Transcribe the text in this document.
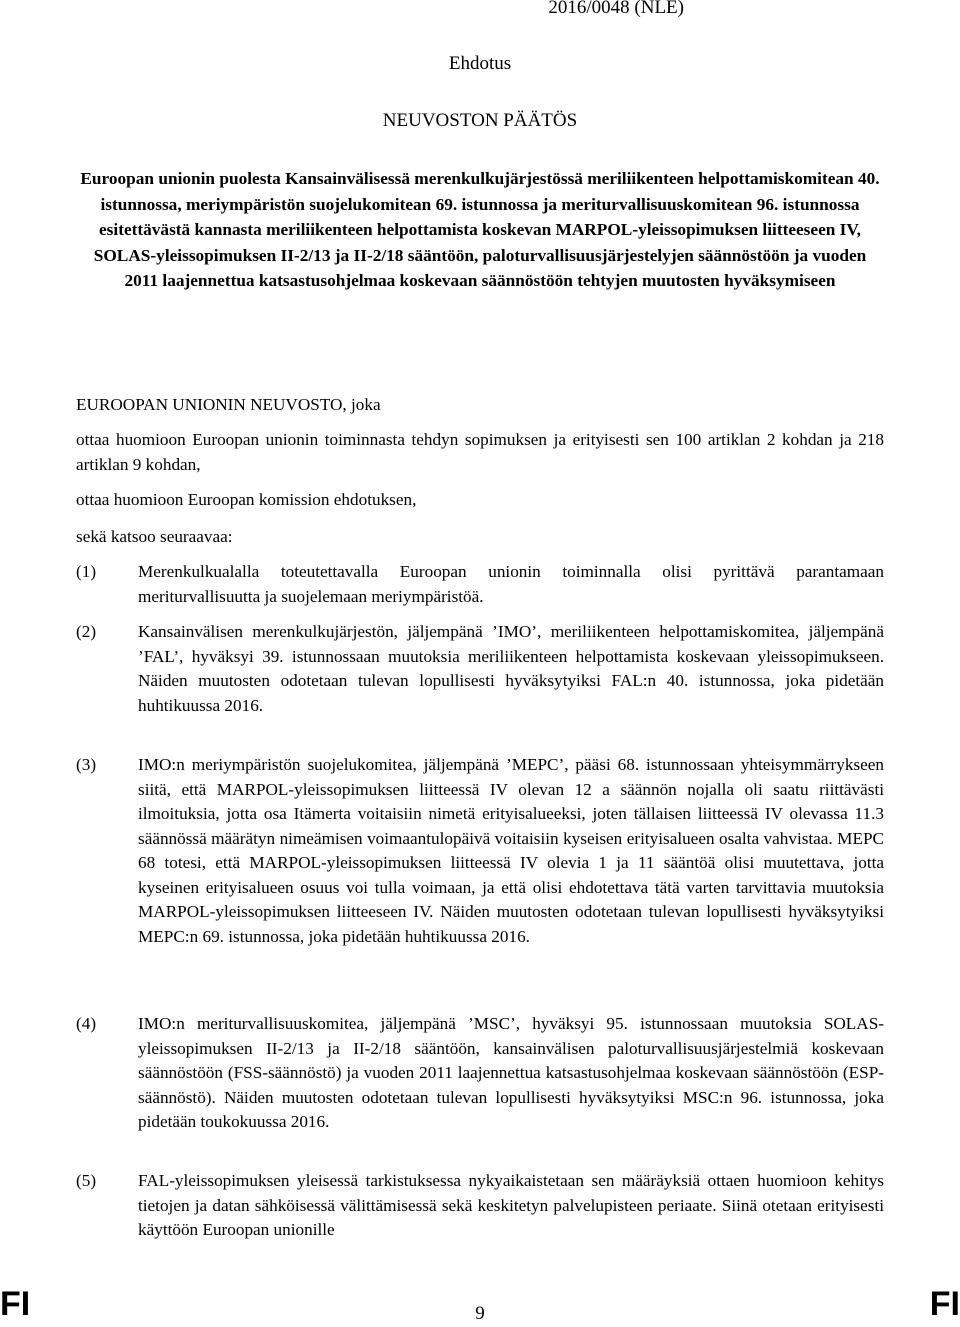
2016/0048 (NLE)
Ehdotus
NEUVOSTON PÄÄTÖS
Euroopan unionin puolesta Kansainvälisessä merenkulkujärjestössä meriliikenteen helpottamiskomitean 40. istunnossa, meriympäristön suojelukomitean 69. istunnossa ja meriturvallisuuskomitean 96. istunnossa esitettävästä kannasta meriliikenteen helpottamista koskevan MARPOL-yleissopimuksen liitteeseen IV, SOLAS-yleissopimuksen II-2/13 ja II-2/18 sääntöön, paloturvallisuusjärjestelyjen säännöstöön ja vuoden 2011 laajennettua katsastusohjelmaa koskevaan säännöstöön tehtyjen muutosten hyväksymiseen

EUROOPAN UNIONIN NEUVOSTO, joka

ottaa huomioon Euroopan unionin toiminnasta tehdyn sopimuksen ja erityisesti sen 100 artiklan 2 kohdan ja 218 artiklan 9 kohdan,

ottaa huomioon Euroopan komission ehdotuksen,

sekä katsoo seuraavaa:

(1) Merenkulkualalla toteutettavalla Euroopan unionin toiminnalla olisi pyrittävä parantamaan meriturvallisuutta ja suojelemaan meriympäristöä.
(2) Kansainvälisen merenkulkujärjestön, jäljempänä ’IMO’, meriliikenteen helpottamiskomitea, jäljempänä ’FAL’, hyväksyi 39. istunnossaan muutoksia meriliikenteen helpottamista koskevaan yleissopimukseen. Näiden muutosten odotetaan tulevan lopullisesti hyväksytyiksi FAL:n 40. istunnossa, joka pidetään huhtikuussa 2016.
(3) IMO:n meriympäristön suojelukomitea, jäljempänä ’MEPC’, pääsi 68. istunnossaan yhteisymmärrykseen siitä, että MARPOL-yleissopimuksen liitteessä IV olevan 12 a säännön nojalla oli saatu riittävästi ilmoituksia, jotta osa Itämerta voitaisiin nimetä erityisalueeksi, joten tällaisen liitteessä IV olevassa 11.3 säännössä määrätyn nimeämisen voimaantulopäivä voitaisiin kyseisen erityisalueen osalta vahvistaa. MEPC 68 totesi, että MARPOL-yleissopimuksen liitteessä IV olevia 1 ja 11 sääntöä olisi muutettava, jotta kyseinen erityisalueen osuus voi tulla voimaan, ja että olisi ehdotettava tätä varten tarvittavia muutoksia MARPOL-yleissopimuksen liitteeseen IV. Näiden muutosten odotetaan tulevan lopullisesti hyväksytyiksi MEPC:n 69. istunnossa, joka pidetään huhtikuussa 2016.
(4) IMO:n meriturvallisuuskomitea, jäljempänä ’MSC’, hyväksyi 95. istunnossaan muutoksia SOLAS-yleissopimuksen II-2/13 ja II-2/18 sääntöön, kansainvälisen paloturvallisuusjärjestelmiä koskevaan säännöstöön (FSS-säännöstö) ja vuoden 2011 laajennettua katsastusohjelmaa koskevaan säännöstöön (ESP-säännöstö). Näiden muutosten odotetaan tulevan lopullisesti hyväksytyiksi MSC:n 96. istunnossa, joka pidetään toukokuussa 2016.
(5) FAL-yleissopimuksen yleisessä tarkistuksessa nykyaikaistetaan sen määräyksiä ottaen huomioon kehitys tietojen ja datan sähköisessä välittämisessä sekä keskitetyn palvelupisteen periaate. Siinä otetaan erityisesti käyttöön Euroopan unionille
FI	9	FI
